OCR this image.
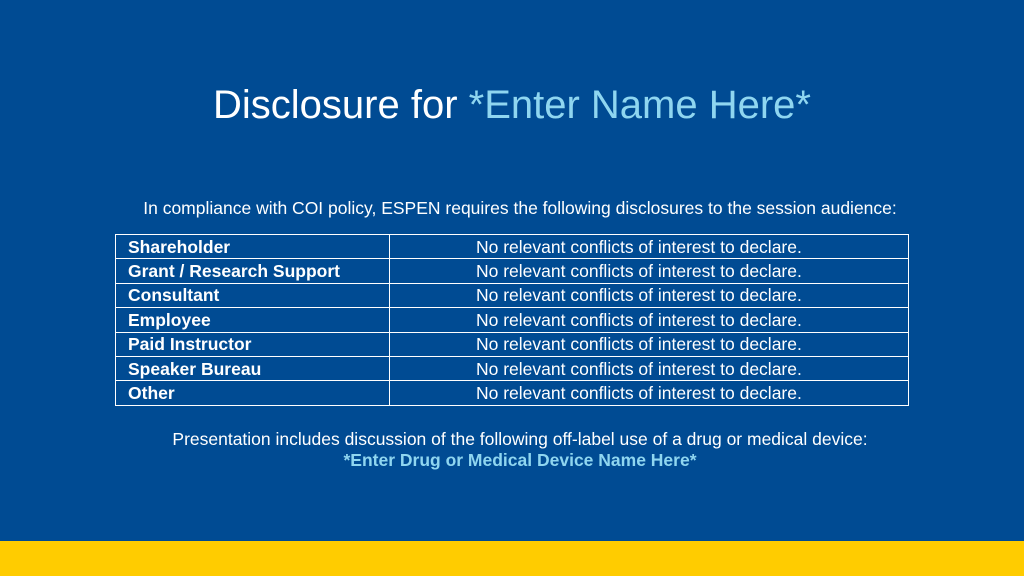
Disclosure for *Enter Name Here*
In compliance with COI policy, ESPEN requires the following disclosures to the session audience:
Shareholder	No relevant conflicts of interest to declare.
Grant / Research Support	No relevant conflicts of interest to declare.
Consultant	No relevant conflicts of interest to declare.
Employee	No relevant conflicts of interest to declare.
Paid Instructor	No relevant conflicts of interest to declare.
Speaker Bureau	No relevant conflicts of interest to declare.
Other	No relevant conflicts of interest to declare.
Presentation includes discussion of the following off-label use of a drug or medical device:
*Enter Drug or Medical Device Name Here*
